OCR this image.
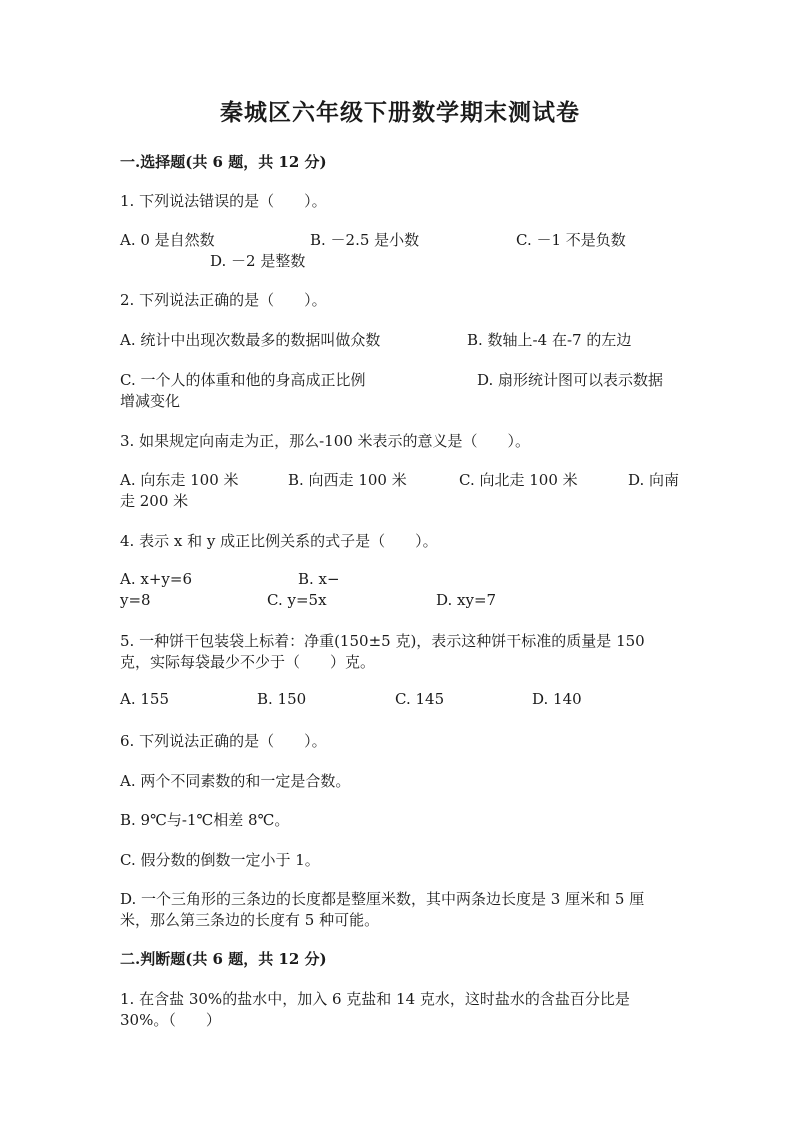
秦城区六年级下册数学期末测试卷
一.选择题(共 6 题，共 12 分)
1. 下列说法错误的是（　　）。
A. 0 是自然数	B. －2.5 是小数	C. －1 不是负数
D. －2 是整数
2. 下列说法正确的是（　　）。
A. 统计中出现次数最多的数据叫做众数	B. 数轴上-4 在-7 的左边
C. 一个人的体重和他的身高成正比例	D. 扇形统计图可以表示数据
增减变化
3. 如果规定向南走为正，那么-100 米表示的意义是（　　）。
A. 向东走 100 米	B. 向西走 100 米	C. 向北走 100 米	D. 向南
走 200 米
4. 表示 x 和 y 成正比例关系的式子是（　　）。
A. x+y=6	B. x−
y=8	C. y=5x	D. xy=7
5. 一种饼干包装袋上标着：净重(150±5 克)，表示这种饼干标准的质量是 150
克，实际每袋最少不少于（　　）克。
A. 155	B. 150	C. 145	D. 140
6. 下列说法正确的是（　　）。
A. 两个不同素数的和一定是合数。
B. 9℃与-1℃相差 8℃。
C. 假分数的倒数一定小于 1。
D. 一个三角形的三条边的长度都是整厘米数，其中两条边长度是 3 厘米和 5 厘
米，那么第三条边的长度有 5 种可能。
二.判断题(共 6 题，共 12 分)
1. 在含盐 30%的盐水中，加入 6 克盐和 14 克水，这时盐水的含盐百分比是
30%。（　　）
